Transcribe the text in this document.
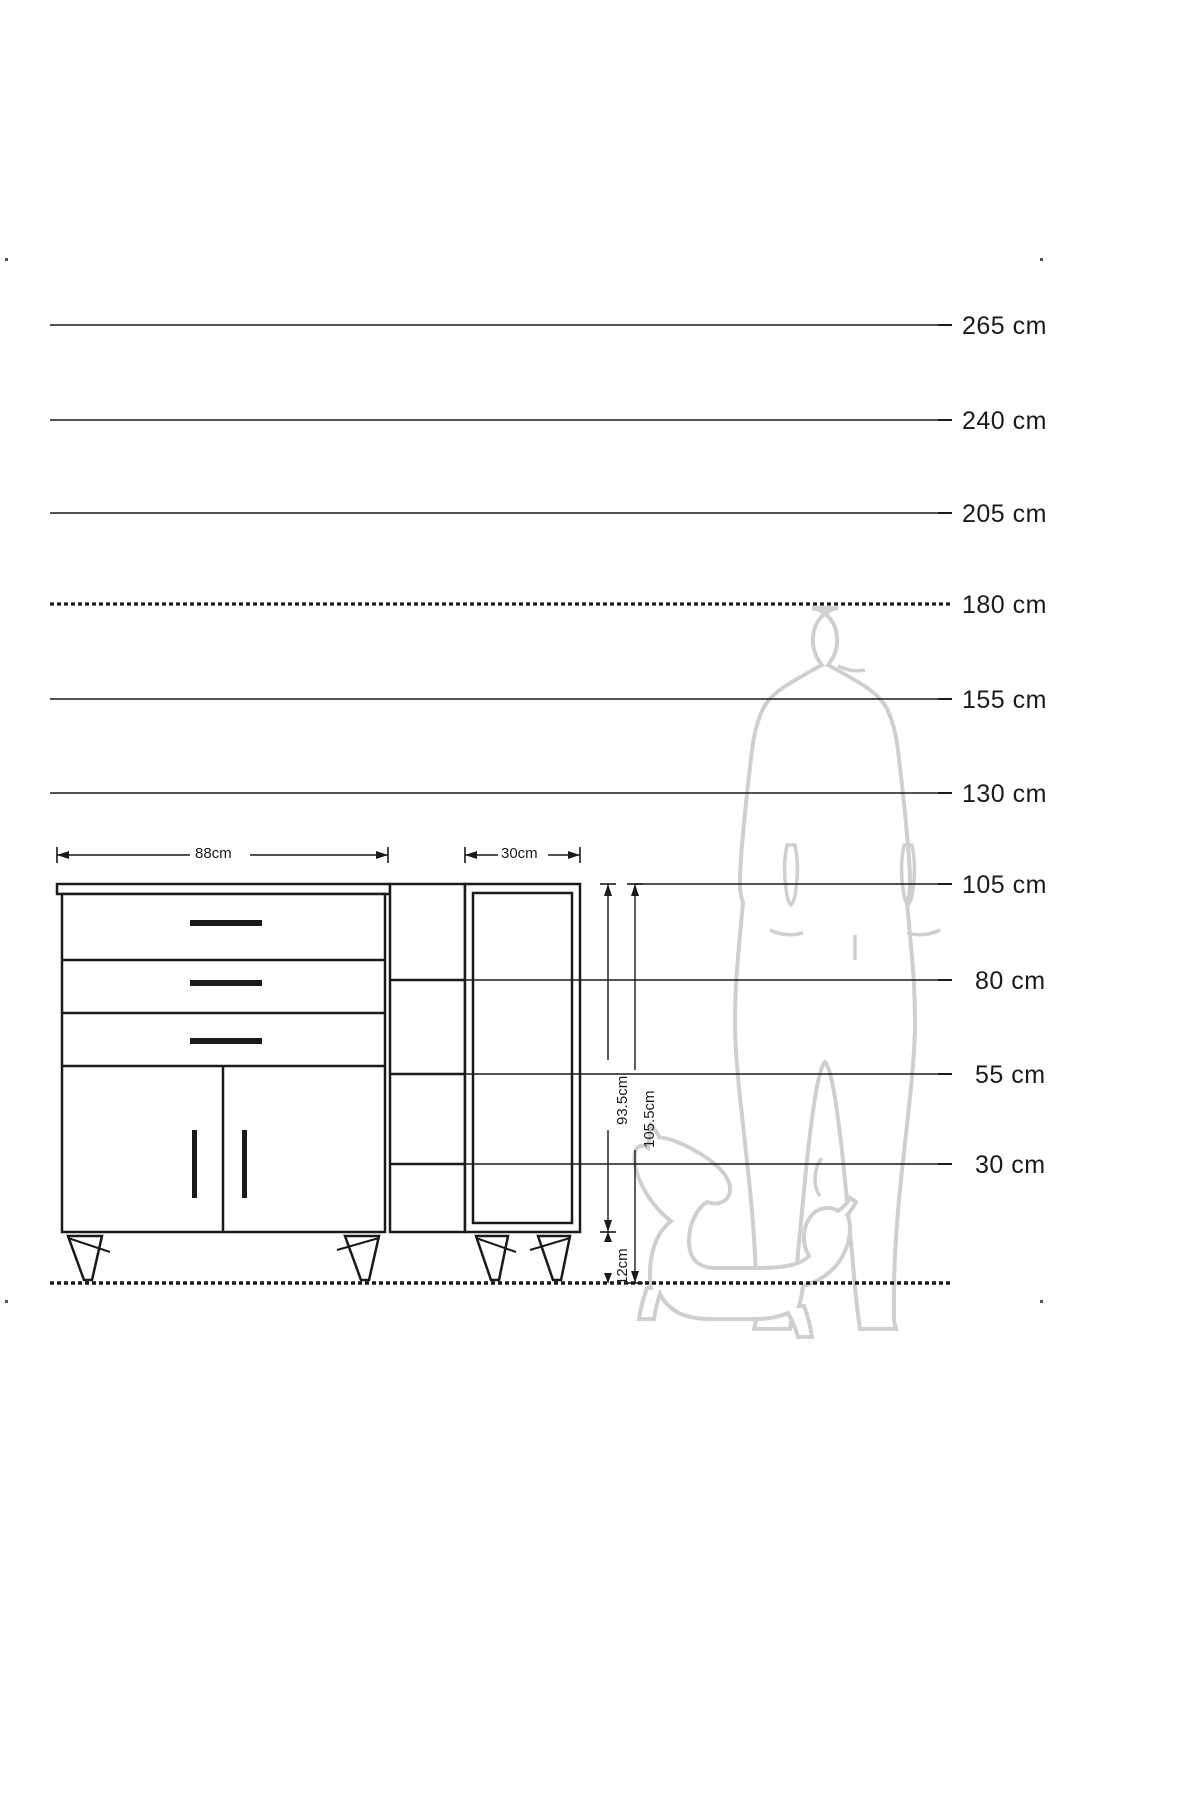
265 cm
240 cm
205 cm
180 cm
155 cm
130 cm
105 cm
80 cm
55 cm
30 cm
88cm	30cm
93.5cm 105.5cm
12cm
